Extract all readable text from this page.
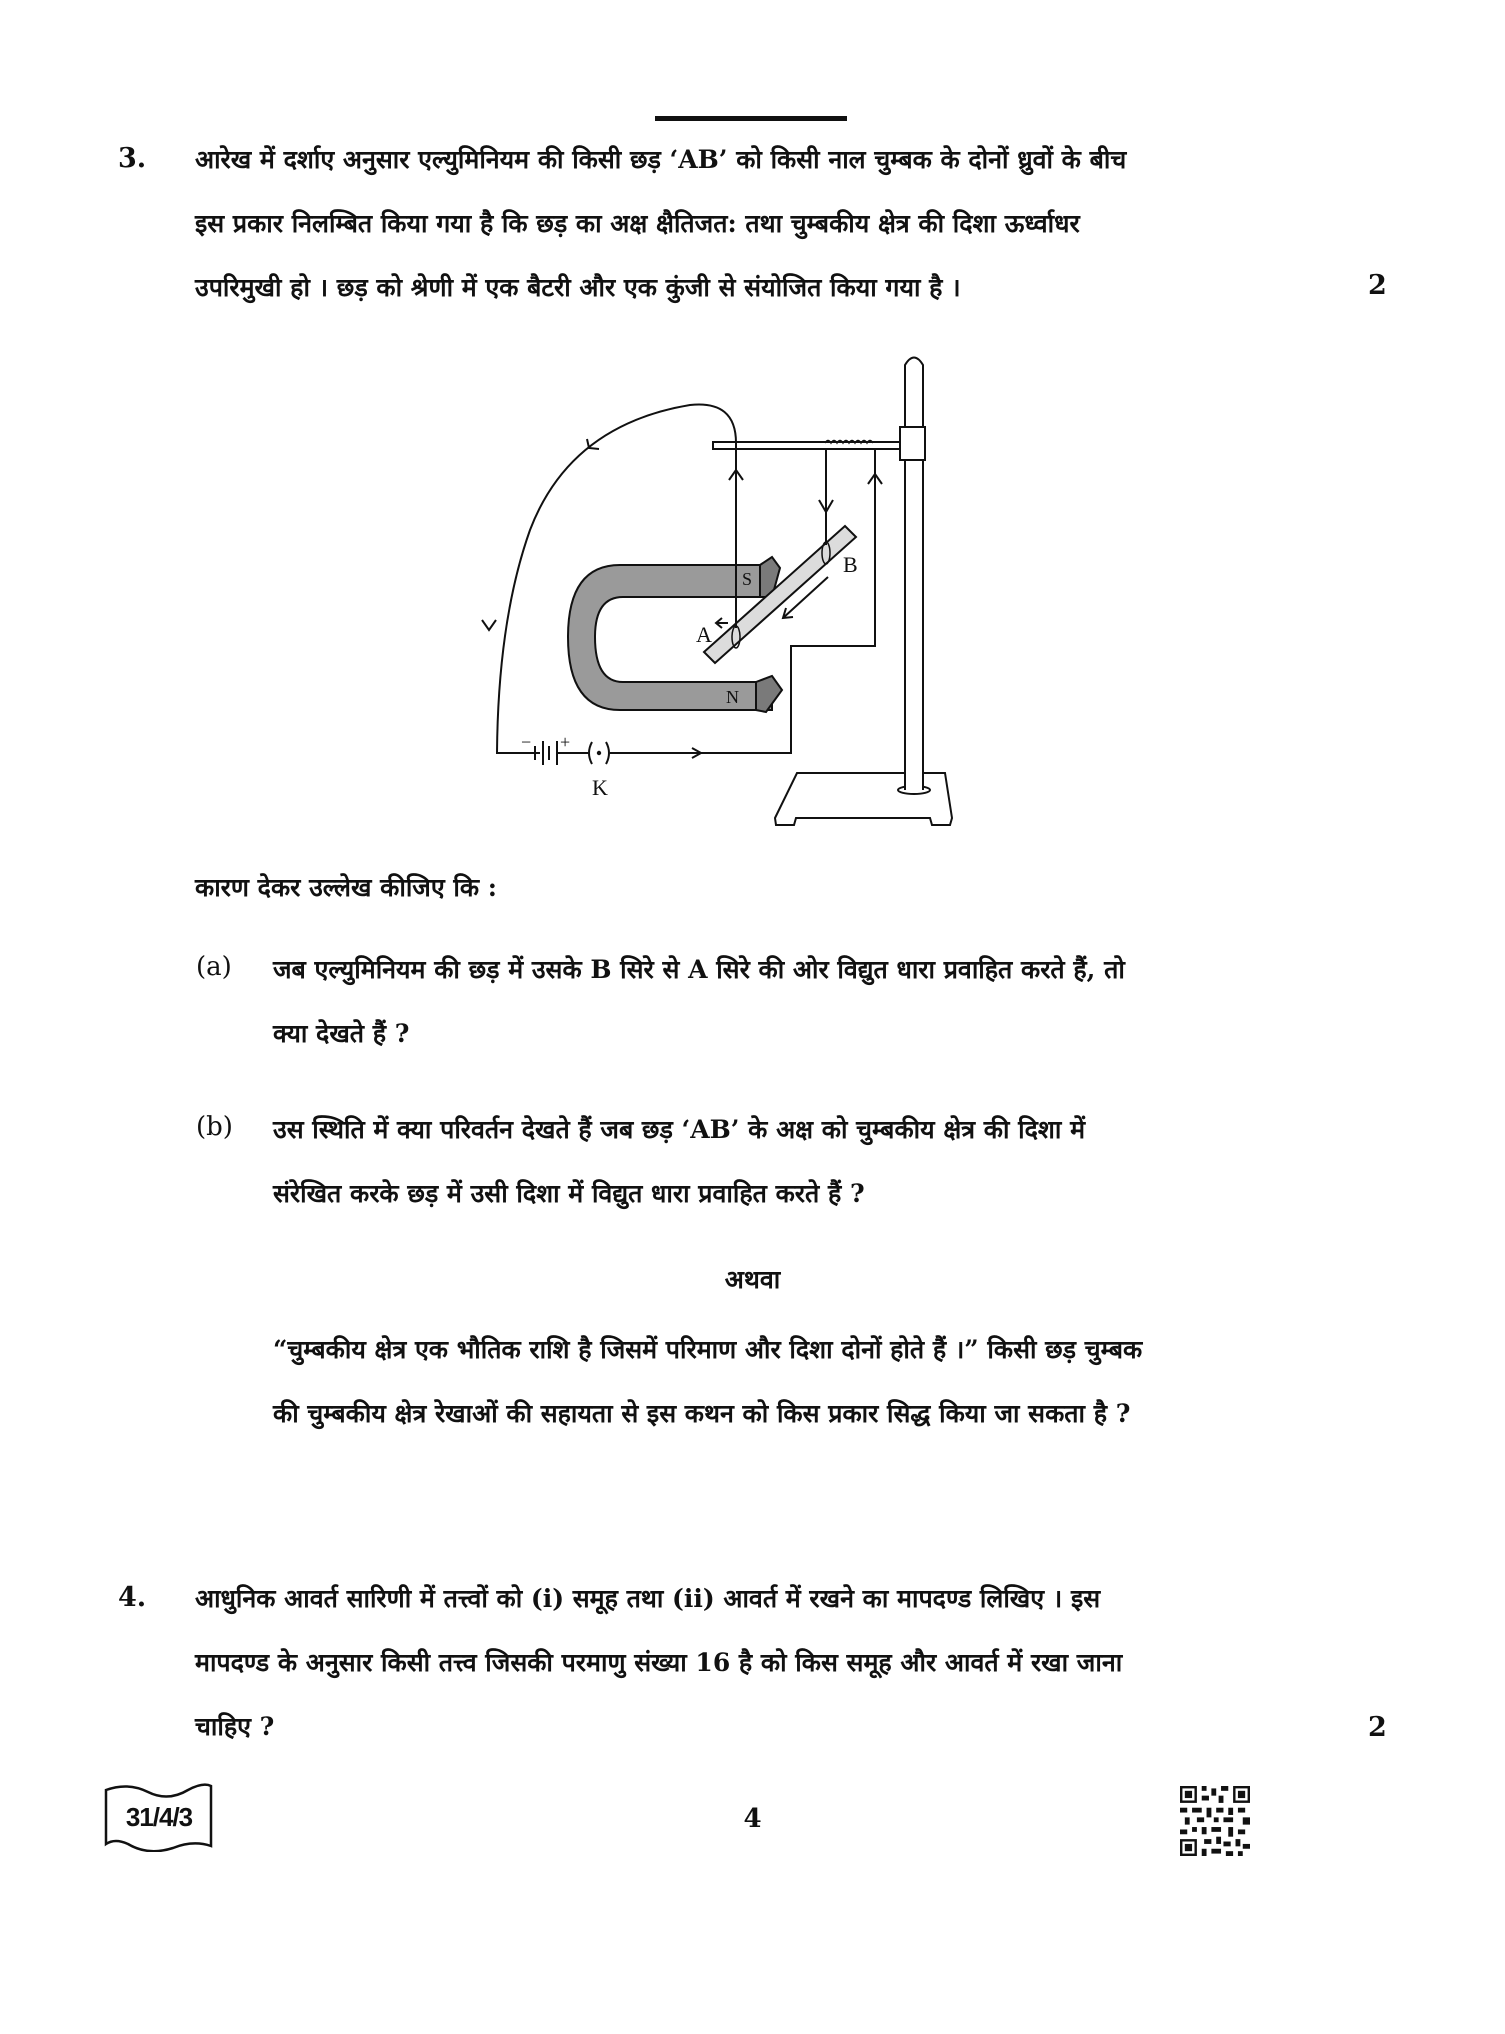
3. आरेख में दर्शाए अनुसार एल्युमिनियम की किसी छड़ ‘AB’ को किसी नाल चुम्बक के दोनों ध्रुवों के बीच
इस प्रकार निलम्बित किया गया है कि छड़ का अक्ष क्षैतिजत: तथा चुम्बकीय क्षेत्र की दिशा ऊर्ध्वाधर
उपरिमुखी हो । छड़ को श्रेणी में एक बैटरी और एक कुंजी से संयोजित किया गया है ।	2
B
A
S
N
K
− +
कारण देकर उल्लेख कीजिए कि :
(a) जब एल्युमिनियम की छड़ में उसके B सिरे से A सिरे की ओर विद्युत धारा प्रवाहित करते हैं, तो
क्या देखते हैं ?
(b) उस स्थिति में क्या परिवर्तन देखते हैं जब छड़ ‘AB’ के अक्ष को चुम्बकीय क्षेत्र की दिशा में
संरेखित करके छड़ में उसी दिशा में विद्युत धारा प्रवाहित करते हैं ?
अथवा
“चुम्बकीय क्षेत्र एक भौतिक राशि है जिसमें परिमाण और दिशा दोनों होते हैं ।” किसी छड़ चुम्बक
की चुम्बकीय क्षेत्र रेखाओं की सहायता से इस कथन को किस प्रकार सिद्ध किया जा सकता है ?
4. आधुनिक आवर्त सारिणी में तत्त्वों को (i) समूह तथा (ii) आवर्त में रखने का मापदण्ड लिखिए । इस
मापदण्ड के अनुसार किसी तत्त्व जिसकी परमाणु संख्या 16 है को किस समूह और आवर्त में रखा जाना
चाहिए ?	2
31/4/3	4
